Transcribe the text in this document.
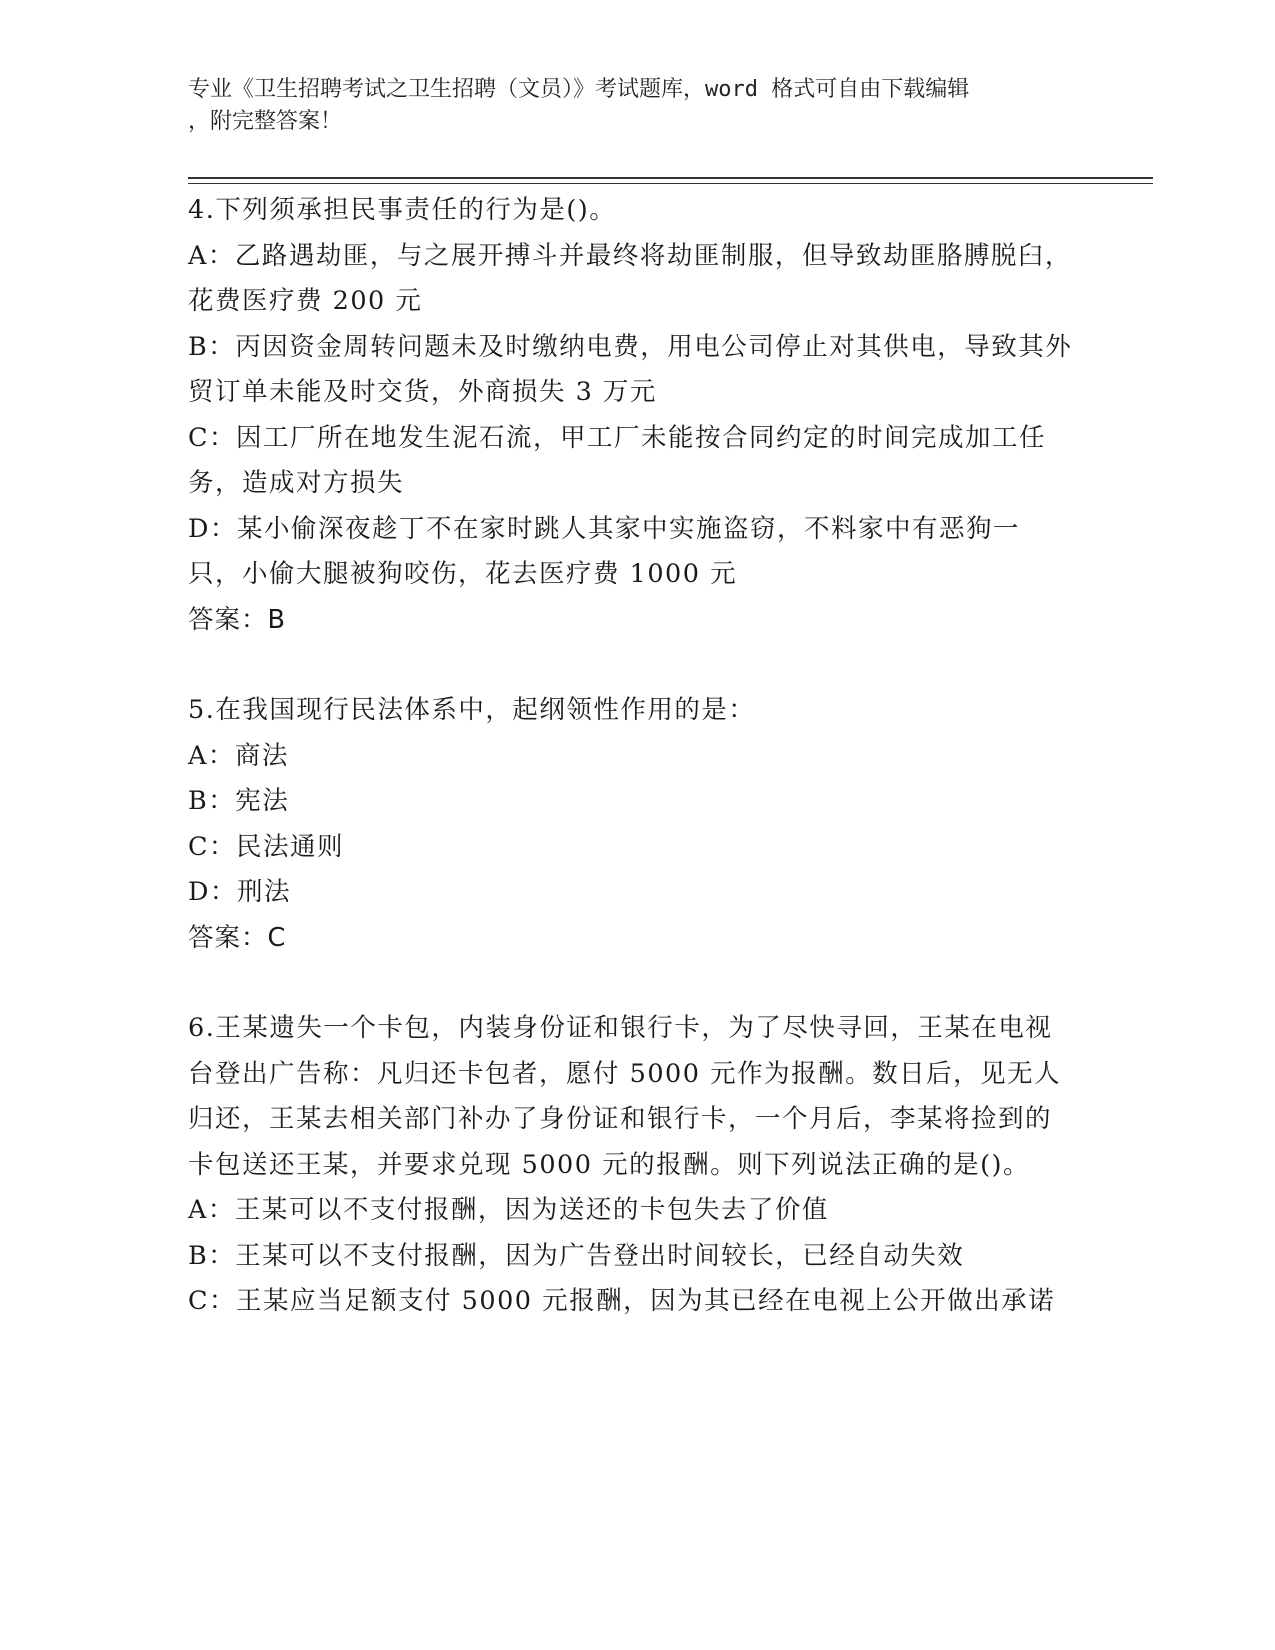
专业《卫生招聘考试之卫生招聘（文员）》考试题库，word 格式可自由下载编辑
，附完整答案！
4.下列须承担民事责任的行为是()。
A：乙路遇劫匪，与之展开搏斗并最终将劫匪制服，但导致劫匪胳膊脱臼，花费医疗费 200 元
B：丙因资金周转问题未及时缴纳电费，用电公司停止对其供电，导致其外贸订单未能及时交货，外商损失 3 万元
C：因工厂所在地发生泥石流，甲工厂未能按合同约定的时间完成加工任务，造成对方损失
D：某小偷深夜趁丁不在家时跳人其家中实施盗窃，不料家中有恶狗一只，小偷大腿被狗咬伤，花去医疗费 1000 元
答案：B
5.在我国现行民法体系中，起纲领性作用的是：
A：商法
B：宪法
C：民法通则
D：刑法
答案：C
6.王某遗失一个卡包，内装身份证和银行卡，为了尽快寻回，王某在电视台登出广告称：凡归还卡包者，愿付 5000 元作为报酬。数日后，见无人归还，王某去相关部门补办了身份证和银行卡，一个月后，李某将捡到的卡包送还王某，并要求兑现 5000 元的报酬。则下列说法正确的是()。
A：王某可以不支付报酬，因为送还的卡包失去了价值
B：王某可以不支付报酬，因为广告登出时间较长，已经自动失效
C：王某应当足额支付 5000 元报酬，因为其已经在电视上公开做出承诺
